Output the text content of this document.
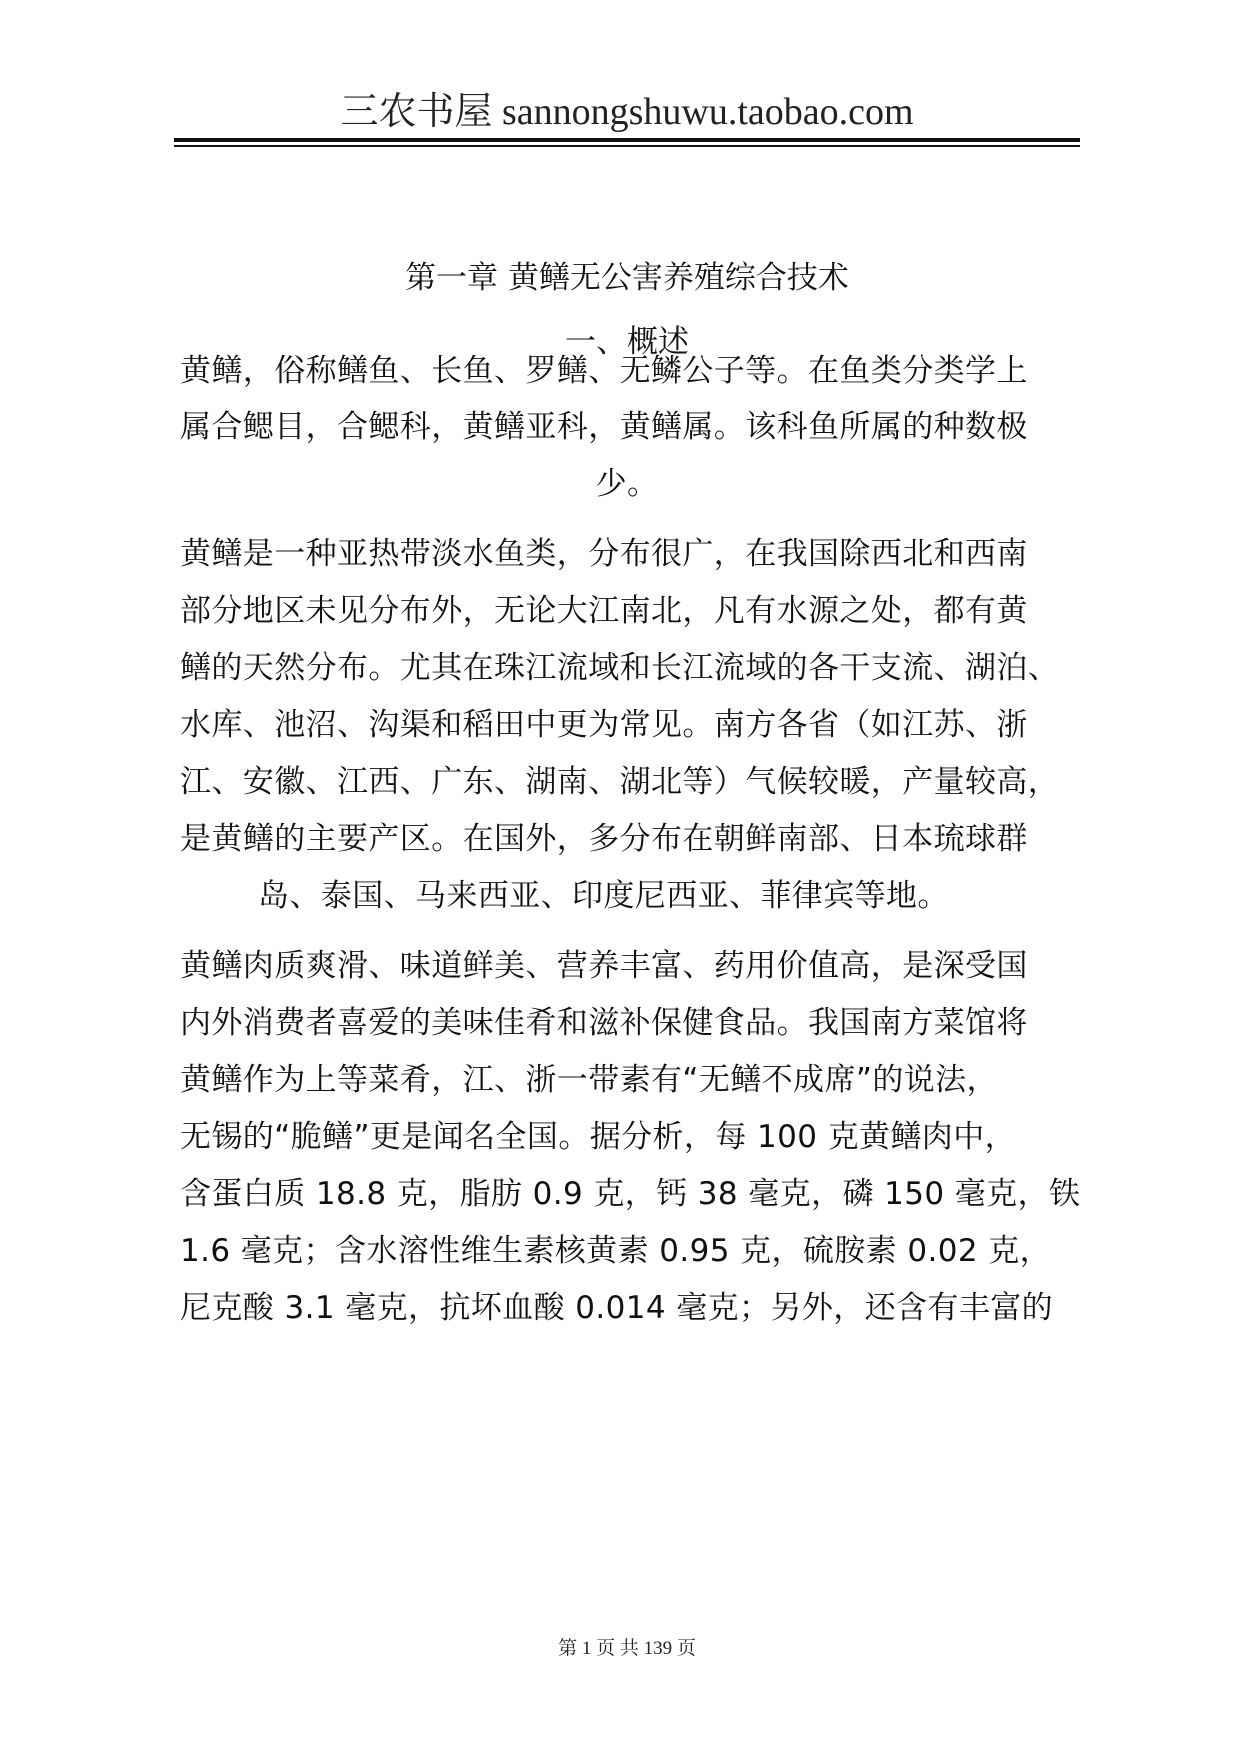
三农书屋 sannongshuwu.taobao.com
第一章 黄鳝无公害养殖综合技术
一、概述
黄鳝，俗称鳝鱼、长鱼、罗鳝、无鳞公子等。在鱼类分类学上
属合鳃目，合鳃科，黄鳝亚科，黄鳝属。该科鱼所属的种数极
少。
黄鳝是一种亚热带淡水鱼类，分布很广，在我国除西北和西南
部分地区未见分布外，无论大江南北，凡有水源之处，都有黄
鳝的天然分布。尤其在珠江流域和长江流域的各干支流、湖泊、
水库、池沼、沟渠和稻田中更为常见。南方各省（如江苏、浙
江、安徽、江西、广东、湖南、湖北等）气候较暖，产量较高，
是黄鳝的主要产区。在国外，多分布在朝鲜南部、日本琉球群
岛、泰国、马来西亚、印度尼西亚、菲律宾等地。
黄鳝肉质爽滑、味道鲜美、营养丰富、药用价值高，是深受国
内外消费者喜爱的美味佳肴和滋补保健食品。我国南方菜馆将
黄鳝作为上等菜肴，江、浙一带素有“无鳝不成席”的说法，
无锡的“脆鳝”更是闻名全国。据分析，每 100 克黄鳝肉中，
含蛋白质 18.8 克，脂肪 0.9 克，钙 38 毫克，磷 150 毫克，铁
1.6 毫克；含水溶性维生素核黄素 0.95 克，硫胺素 0.02 克，
尼克酸 3.1 毫克，抗坏血酸 0.014 毫克；另外，还含有丰富的
第 1 页 共 139 页
